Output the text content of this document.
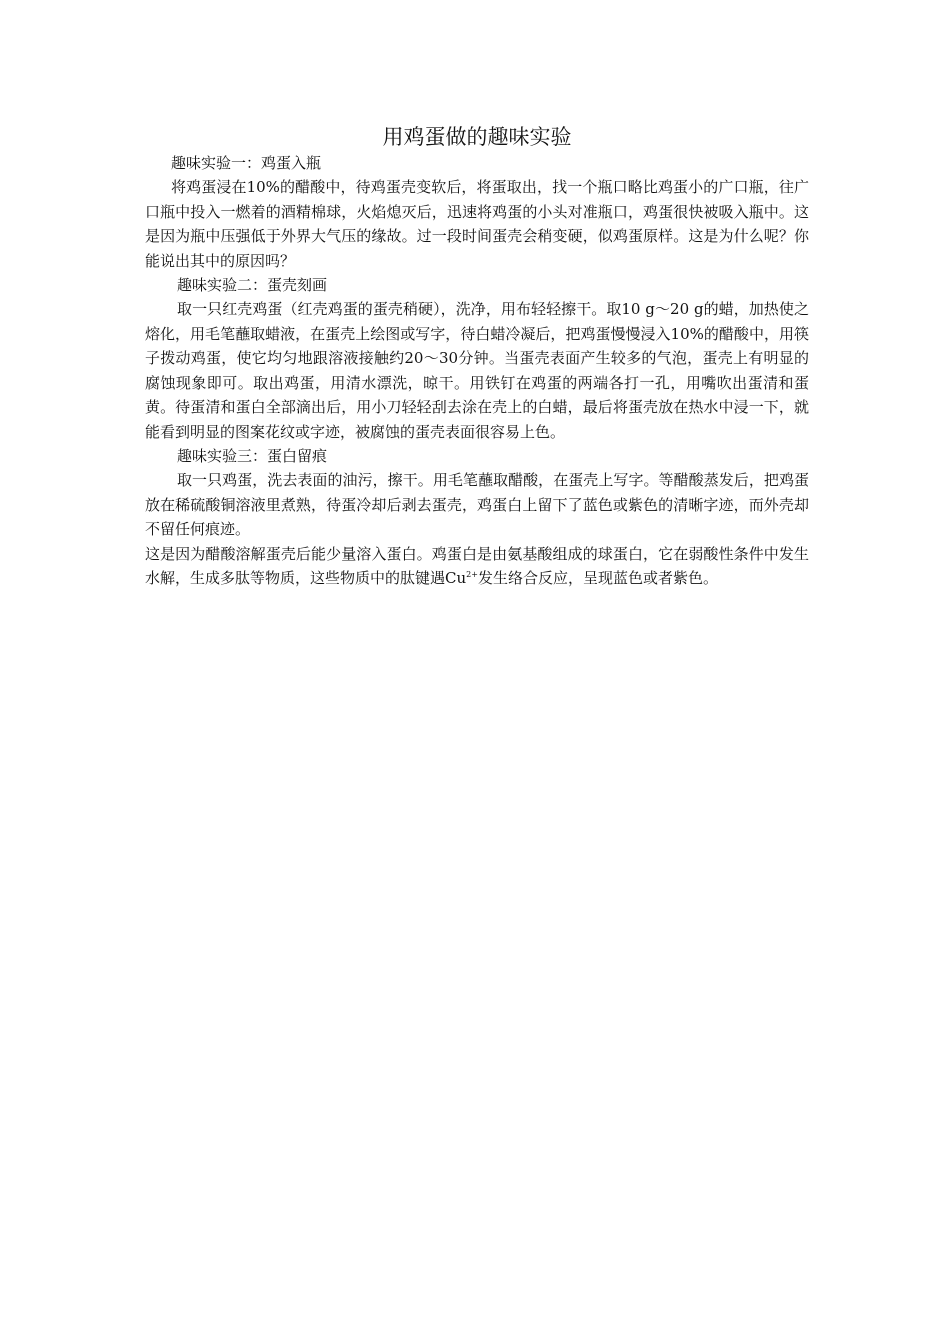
用鸡蛋做的趣味实验

趣味实验一：鸡蛋入瓶

将鸡蛋浸在10%的醋酸中，待鸡蛋壳变软后，将蛋取出，找一个瓶口略比鸡蛋小的广口瓶，往广口瓶中投入一燃着的酒精棉球，火焰熄灭后，迅速将鸡蛋的小头对准瓶口，鸡蛋很快被吸入瓶中。这是因为瓶中压强低于外界大气压的缘故。过一段时间蛋壳会稍变硬，似鸡蛋原样。这是为什么呢？你能说出其中的原因吗？

趣味实验二：蛋壳刻画

取一只红壳鸡蛋（红壳鸡蛋的蛋壳稍硬），洗净，用布轻轻擦干。取10 g～20 g的蜡，加热使之熔化，用毛笔蘸取蜡液，在蛋壳上绘图或写字，待白蜡冷凝后，把鸡蛋慢慢浸入10%的醋酸中，用筷子拨动鸡蛋，使它均匀地跟溶液接触约20～30分钟。当蛋壳表面产生较多的气泡，蛋壳上有明显的腐蚀现象即可。取出鸡蛋，用清水漂洗，晾干。用铁钉在鸡蛋的两端各打一孔，用嘴吹出蛋清和蛋黄。待蛋清和蛋白全部滴出后，用小刀轻轻刮去涂在壳上的白蜡，最后将蛋壳放在热水中浸一下，就能看到明显的图案花纹或字迹，被腐蚀的蛋壳表面很容易上色。

趣味实验三：蛋白留痕

取一只鸡蛋，洗去表面的油污，擦干。用毛笔蘸取醋酸，在蛋壳上写字。等醋酸蒸发后，把鸡蛋放在稀硫酸铜溶液里煮熟，待蛋冷却后剥去蛋壳，鸡蛋白上留下了蓝色或紫色的清晰字迹，而外壳却不留任何痕迹。

这是因为醋酸溶解蛋壳后能少量溶入蛋白。鸡蛋白是由氨基酸组成的球蛋白，它在弱酸性条件中发生水解，生成多肽等物质，这些物质中的肽键遇$Cu^{2+}$发生络合反应，呈现蓝色或者紫色。
